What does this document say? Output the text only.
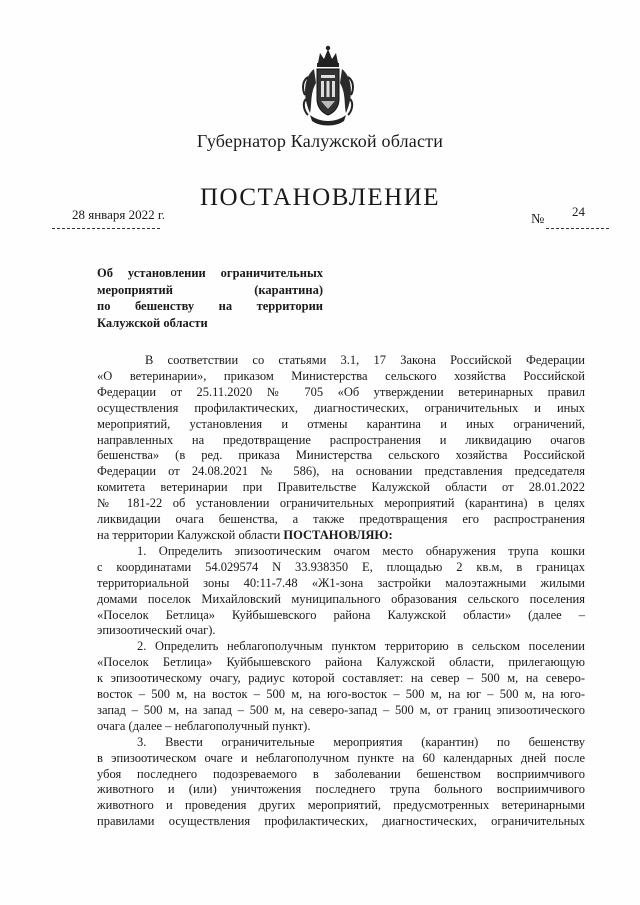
Губернатор Калужской области
ПОСТАНОВЛЕНИЕ
28 января 2022 г.	№
24
Об установлении ограничительных
мероприятий (карантина)
по бешенству на территории
Калужской области
В соответствии со статьями 3.1, 17 Закона Российской Федерации
«О ветеринарии», приказом Министерства сельского хозяйства Российской
Федерации от 25.11.2020 № 705 «Об утверждении ветеринарных правил
осуществления профилактических, диагностических, ограничительных и иных
мероприятий, установления и отмены карантина и иных ограничений,
направленных на предотвращение распространения и ликвидацию очагов
бешенства» (в ред. приказа Министерства сельского хозяйства Российской
Федерации от 24.08.2021 № 586), на основании представления председателя
комитета ветеринарии при Правительстве Калужской области от 28.01.2022
№ 181-22 об установлении ограничительных мероприятий (карантина) в целях
ликвидации очага бешенства, а также предотвращения его распространения
на территории Калужской области ПОСТАНОВЛЯЮ:
1. Определить эпизоотическим очагом место обнаружения трупа кошки
с координатами 54.029574 N 33.938350 E, площадью 2 кв.м, в границах
территориальной зоны 40:11-7.48 «Ж1-зона застройки малоэтажными жилыми
домами поселок Михайловский муниципального образования сельского поселения
«Поселок Бетлица» Куйбышевского района Калужской области» (далее –
эпизоотический очаг).
2. Определить неблагополучным пунктом территорию в сельском поселении
«Поселок Бетлица» Куйбышевского района Калужской области, прилегающую
к эпизоотическому очагу, радиус которой составляет: на север – 500 м, на северо-
восток – 500 м, на восток – 500 м, на юго-восток – 500 м, на юг – 500 м, на юго-
запад – 500 м, на запад – 500 м, на северо-запад – 500 м, от границ эпизоотического
очага (далее – неблагополучный пункт).
3. Ввести ограничительные мероприятия (карантин) по бешенству
в эпизоотическом очаге и неблагополучном пункте на 60 календарных дней после
убоя последнего подозреваемого в заболевании бешенством восприимчивого
животного и (или) уничтожения последнего трупа больного восприимчивого
животного и проведения других мероприятий, предусмотренных ветеринарными
правилами осуществления профилактических, диагностических, ограничительных
